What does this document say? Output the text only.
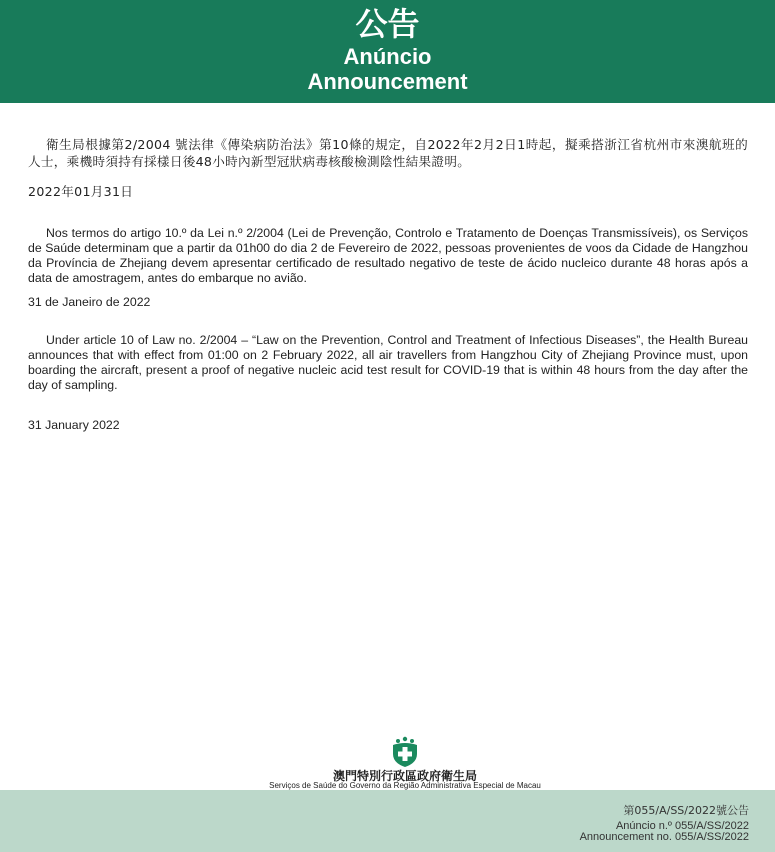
公告
Anúncio
Announcement

衛生局根據第2/2004 號法律《傳染病防治法》第10條的規定，自2022年2月2日1時起，擬乘搭浙江省杭州市來澳航班的人士，乘機時須持有採樣日後48小時內新型冠狀病毒核酸檢測陰性結果證明。

2022年01月31日

Nos termos do artigo 10.º da Lei n.º 2/2004 (Lei de Prevenção, Controlo e Tratamento de Doenças Transmissíveis), os Serviços de Saúde determinam que a partir da 01h00 do dia 2 de Fevereiro de 2022, pessoas provenientes de voos da Cidade de Hangzhou da Província de Zhejiang devem apresentar certificado de resultado negativo de teste de ácido nucleico durante 48 horas após a data de amostragem, antes do embarque no avião.

31 de Janeiro de 2022

Under article 10 of Law no. 2/2004 – “Law on the Prevention, Control and Treatment of Infectious Diseases”, the Health Bureau announces that with effect from 01:00 on 2 February 2022, all air travellers from Hangzhou City of Zhejiang Province must, upon boarding the aircraft, present a proof of negative nucleic acid test result for COVID-19 that is within 48 hours from the day after the day of sampling.

31 January 2022

澳門特別行政區政府衛生局
Serviços de Saúde do Governo da Região Administrativa Especial de Macau
第055/A/SS/2022號公告
Anúncio n.º 055/A/SS/2022
Announcement no. 055/A/SS/2022
